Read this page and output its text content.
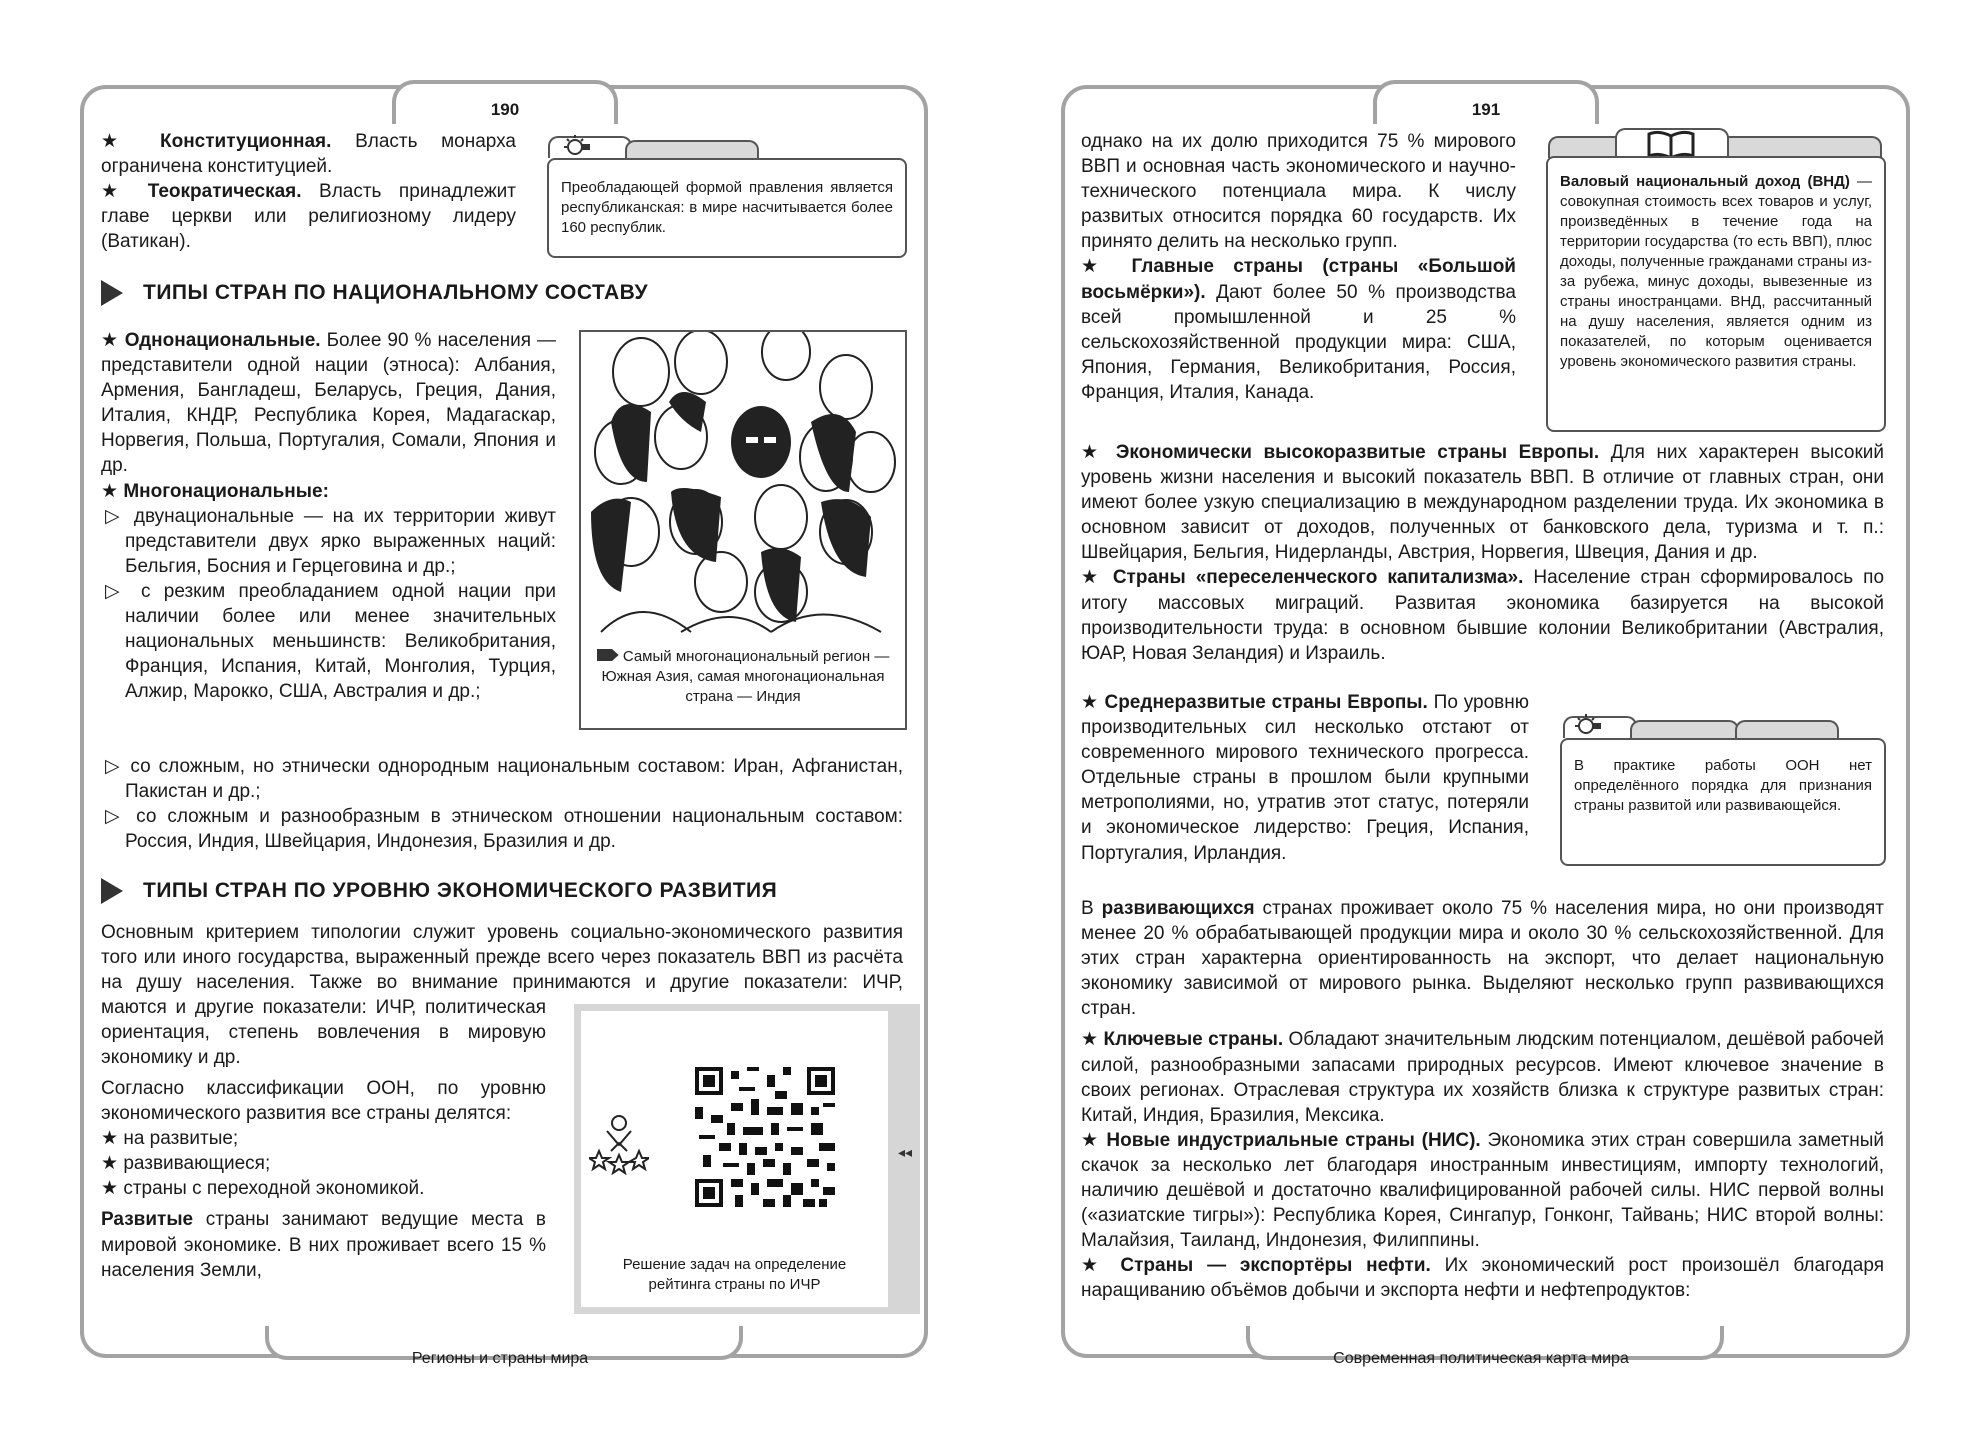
190
Регионы и страны мира

★ Конституционная. Власть монарха ограничена конституцией.

★ Теократическая. Власть принадлежит главе церкви или религиозному лидеру (Ватикан).

Преобладающей формой правления является республиканская: в мире насчитывается более 160 республик.
ТИПЫ СТРАН ПО НАЦИОНАЛЬНОМУ СОСТАВУ

★ Однонациональные. Более 90 % населения — представители одной нации (этноса): Албания, Армения, Бангладеш, Беларусь, Греция, Дания, Италия, КНДР, Республика Корея, Мадагаскар, Норвегия, Польша, Португалия, Сомали, Япония и др.

★ Многонациональные:

▷ двунациональные — на их территории живут представители двух ярко выраженных наций: Бельгия, Босния и Герцеговина и др.;

▷ с резким преобладанием одной нации при наличии более или менее значительных национальных меньшинств: Великобритания, Франция, Испания, Китай, Монголия, Турция, Алжир, Марокко, США, Австралия и др.;

▷ со сложным, но этнически однородным национальным составом: Иран, Афганистан, Пакистан и др.;

▷ со сложным и разнообразным в этническом отношении национальным составом: Россия, Индия, Швейцария, Индонезия, Бразилия и др.

Самый многонациональный регион — Южная Азия, самая многонациональная страна — Индия
ТИПЫ СТРАН ПО УРОВНЮ ЭКОНОМИЧЕСКОГО РАЗВИТИЯ

Основным критерием типологии служит уровень социально-экономического развития того или иного государства, выраженный прежде всего через показатель ВВП из расчёта на душу населения. Также во внимание принимаются и другие показатели: ИЧР,

маются и другие показатели: ИЧР, политическая ориентация, степень вовлечения в мировую экономику и др.

Согласно классификации ООН, по уровню экономического развития все страны делятся:

★ на развитые;

★ развивающиеся;

★ страны с переходной экономикой.

Развитые страны занимают ведущие места в мировой экономике. В них проживает всего 15 % населения Земли,	Решение задач на определение рейтинга страны по ИЧР
◂◂
191
Современная политическая карта мира

однако на их долю приходится 75 % мирового ВВП и основная часть экономического и научно-технического потенциала мира. К числу развитых относится порядка 60 государств. Их принято делить на несколько групп.

★ Главные страны (страны «Большой восьмёрки»). Дают более 50 % производства всей промышленной и 25 % сельскохозяйственной продукции мира: США, Япония, Германия, Великобритания, Россия, Франция, Италия, Канада.

Валовый национальный доход (ВНД) — совокупная стоимость всех товаров и услуг, произведённых в течение года на территории государства (то есть ВВП), плюс доходы, полученные гражданами страны из-за рубежа, минус доходы, вывезенные из страны иностранцами. ВНД, рассчитанный на душу населения, является одним из показателей, по которым оценивается уровень экономического развития страны.

★ Экономически высокоразвитые страны Европы. Для них характерен высокий уровень жизни населения и высокий показатель ВВП. В отличие от главных стран, они имеют более узкую специализацию в международном разделении труда. Их экономика в основном зависит от доходов, полученных от банковского дела, туризма и т. п.: Швейцария, Бельгия, Нидерланды, Австрия, Норвегия, Швеция, Дания и др.

★ Страны «переселенческого капитализма». Население стран сформировалось по итогу массовых миграций. Развитая экономика базируется на высокой производительности труда: в основном бывшие колонии Великобритании (Австралия, ЮАР, Новая Зеландия) и Израиль.

★ Среднеразвитые страны Европы. По уровню производительных сил несколько отстают от современного мирового технического прогресса. Отдельные страны в прошлом были крупными метрополиями, но, утратив этот статус, потеряли и экономическое лидерство: Греция, Испания, Португалия, Ирландия.

В практике работы ООН нет определённого порядка для признания страны развитой или развивающейся.

В развивающихся странах проживает около 75 % населения мира, но они производят менее 20 % обрабатывающей продукции мира и около 30 % сельскохозяйственной. Для этих стран характерна ориентированность на экспорт, что делает национальную экономику зависимой от мирового рынка. Выделяют несколько групп развивающихся стран.

★ Ключевые страны. Обладают значительным людским потенциалом, дешёвой рабочей силой, разнообразными запасами природных ресурсов. Имеют ключевое значение в своих регионах. Отраслевая структура их хозяйств близка к структуре развитых стран: Китай, Индия, Бразилия, Мексика.

★ Новые индустриальные страны (НИС). Экономика этих стран совершила заметный скачок за несколько лет благодаря иностранным инвестициям, импорту технологий, наличию дешёвой и достаточно квалифицированной рабочей силы. НИС первой волны («азиатские тигры»): Республика Корея, Сингапур, Гонконг, Тайвань; НИС второй волны: Малайзия, Таиланд, Индонезия, Филиппины.

★ Страны — экспортёры нефти. Их экономический рост произошёл благодаря наращиванию объёмов добычи и экспорта нефти и нефтепродуктов:
